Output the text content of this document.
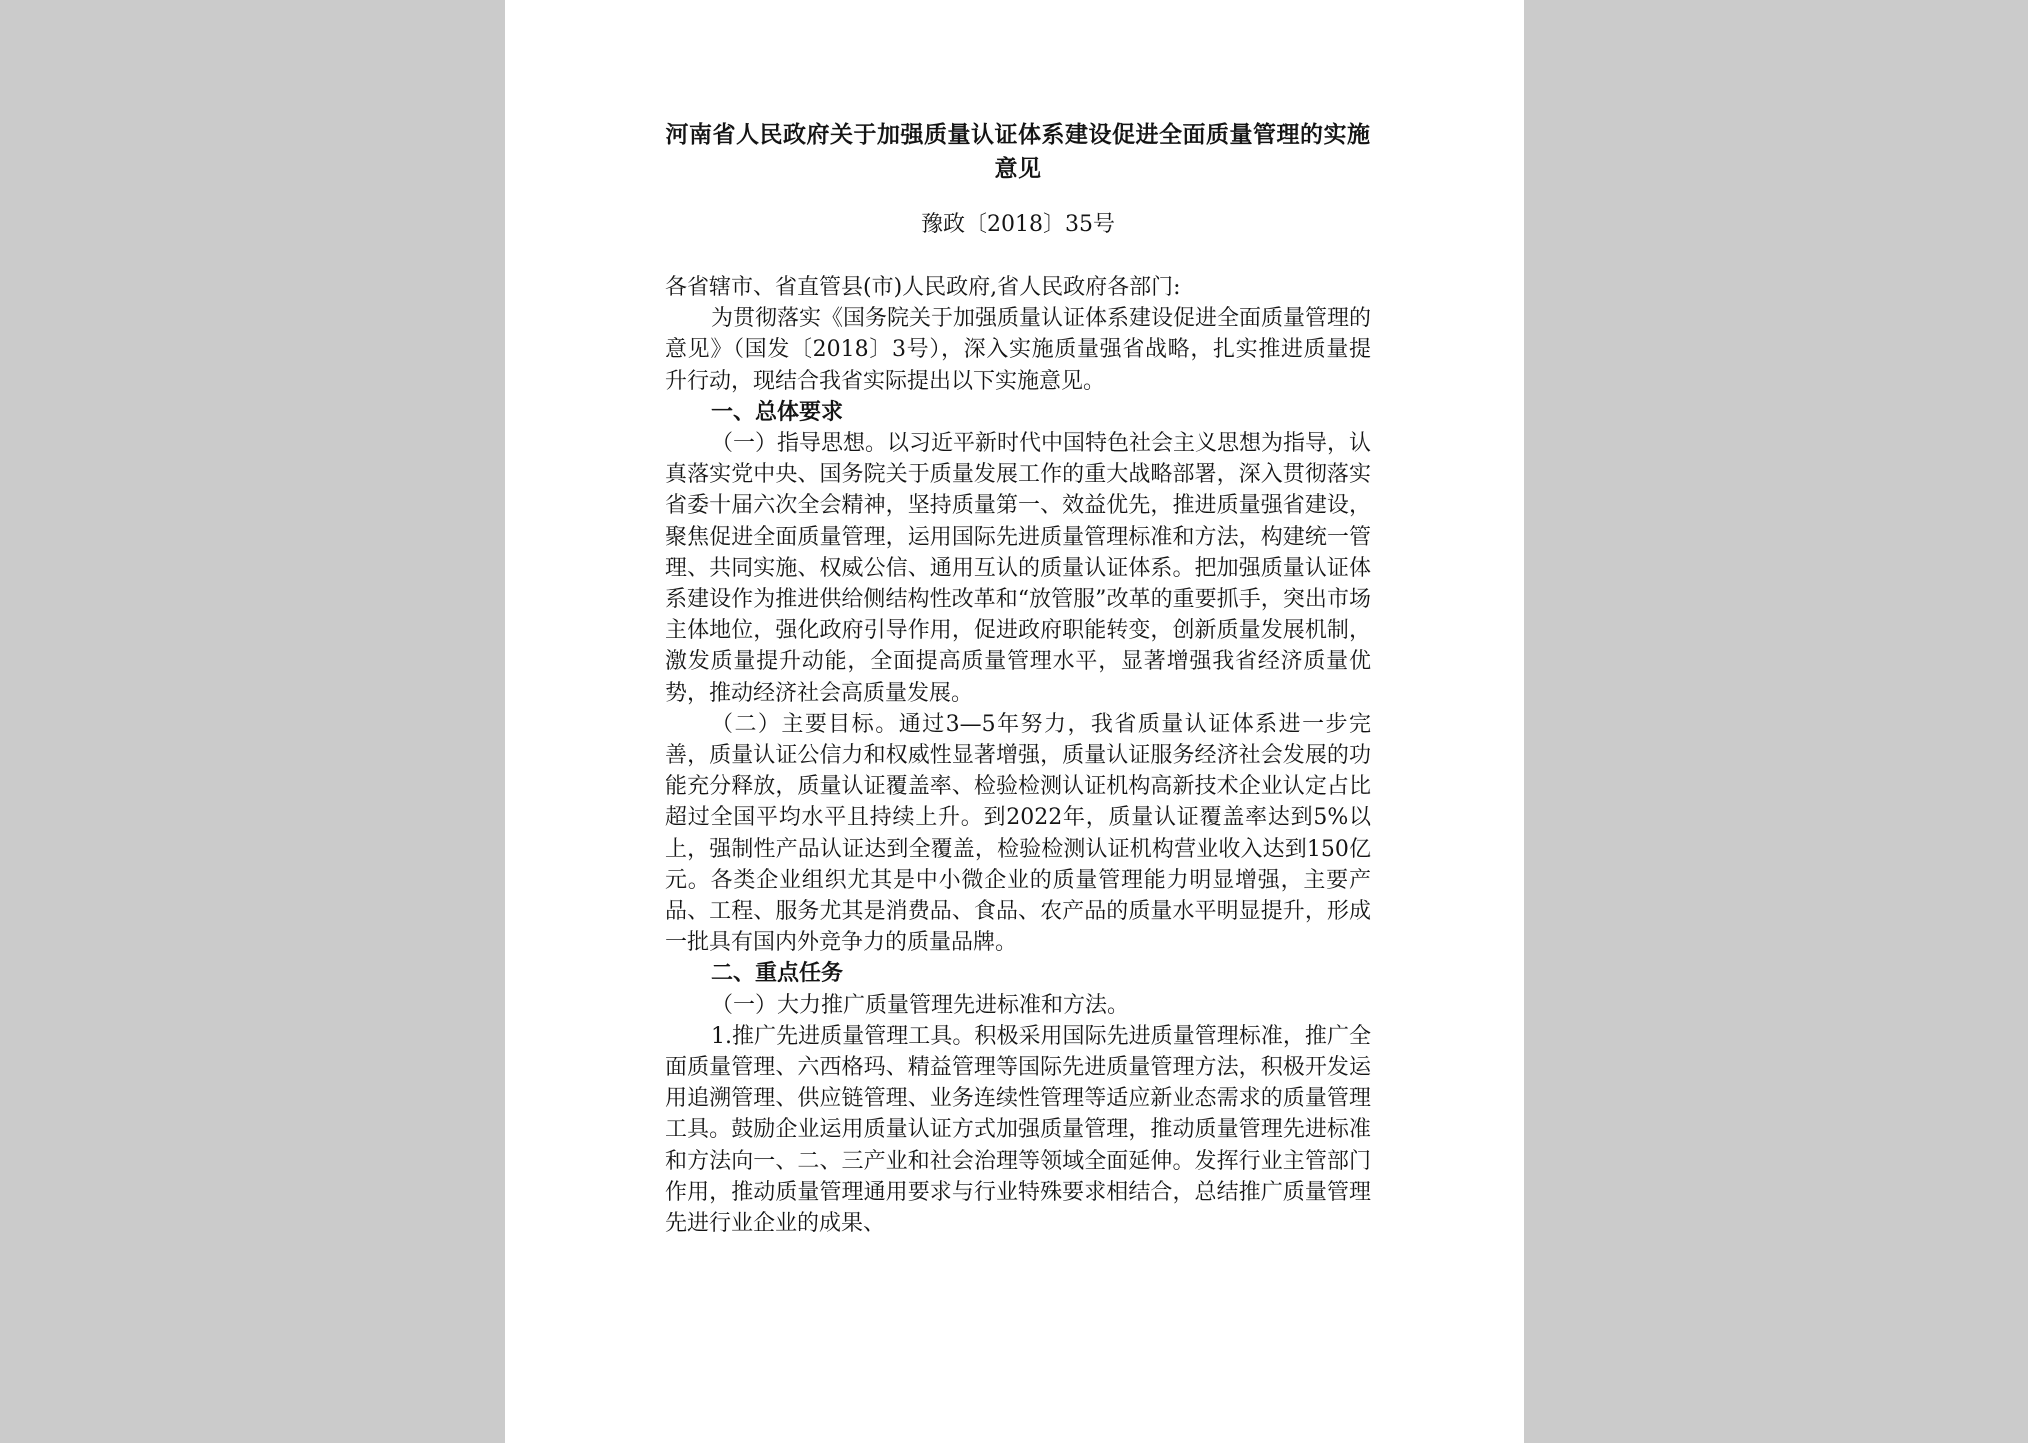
河南省人民政府关于加强质量认证体系建设促进全面质量管理的实施意见
豫政〔2018〕35号

各省辖市、省直管县(市)人民政府,省人民政府各部门:

为贯彻落实《国务院关于加强质量认证体系建设促进全面质量管理的意见》（国发〔2018〕3号），深入实施质量强省战略，扎实推进质量提升行动，现结合我省实际提出以下实施意见。

一、总体要求

（一）指导思想。以习近平新时代中国特色社会主义思想为指导，认真落实党中央、国务院关于质量发展工作的重大战略部署，深入贯彻落实省委十届六次全会精神，坚持质量第一、效益优先，推进质量强省建设，聚焦促进全面质量管理，运用国际先进质量管理标准和方法，构建统一管理、共同实施、权威公信、通用互认的质量认证体系。把加强质量认证体系建设作为推进供给侧结构性改革和“放管服”改革的重要抓手，突出市场主体地位，强化政府引导作用，促进政府职能转变，创新质量发展机制，激发质量提升动能，全面提高质量管理水平，显著增强我省经济质量优势，推动经济社会高质量发展。

（二）主要目标。通过3—5年努力，我省质量认证体系进一步完善，质量认证公信力和权威性显著增强，质量认证服务经济社会发展的功能充分释放，质量认证覆盖率、检验检测认证机构高新技术企业认定占比超过全国平均水平且持续上升。到2022年，质量认证覆盖率达到5%以上，强制性产品认证达到全覆盖，检验检测认证机构营业收入达到150亿元。各类企业组织尤其是中小微企业的质量管理能力明显增强，主要产品、工程、服务尤其是消费品、食品、农产品的质量水平明显提升，形成一批具有国内外竞争力的质量品牌。

二、重点任务

（一）大力推广质量管理先进标准和方法。

1.推广先进质量管理工具。积极采用国际先进质量管理标准，推广全面质量管理、六西格玛、精益管理等国际先进质量管理方法，积极开发运用追溯管理、供应链管理、业务连续性管理等适应新业态需求的质量管理工具。鼓励企业运用质量认证方式加强质量管理，推动质量管理先进标准和方法向一、二、三产业和社会治理等领域全面延伸。发挥行业主管部门作用，推动质量管理通用要求与行业特殊要求相结合，总结推广质量管理先进行业企业的成果、
